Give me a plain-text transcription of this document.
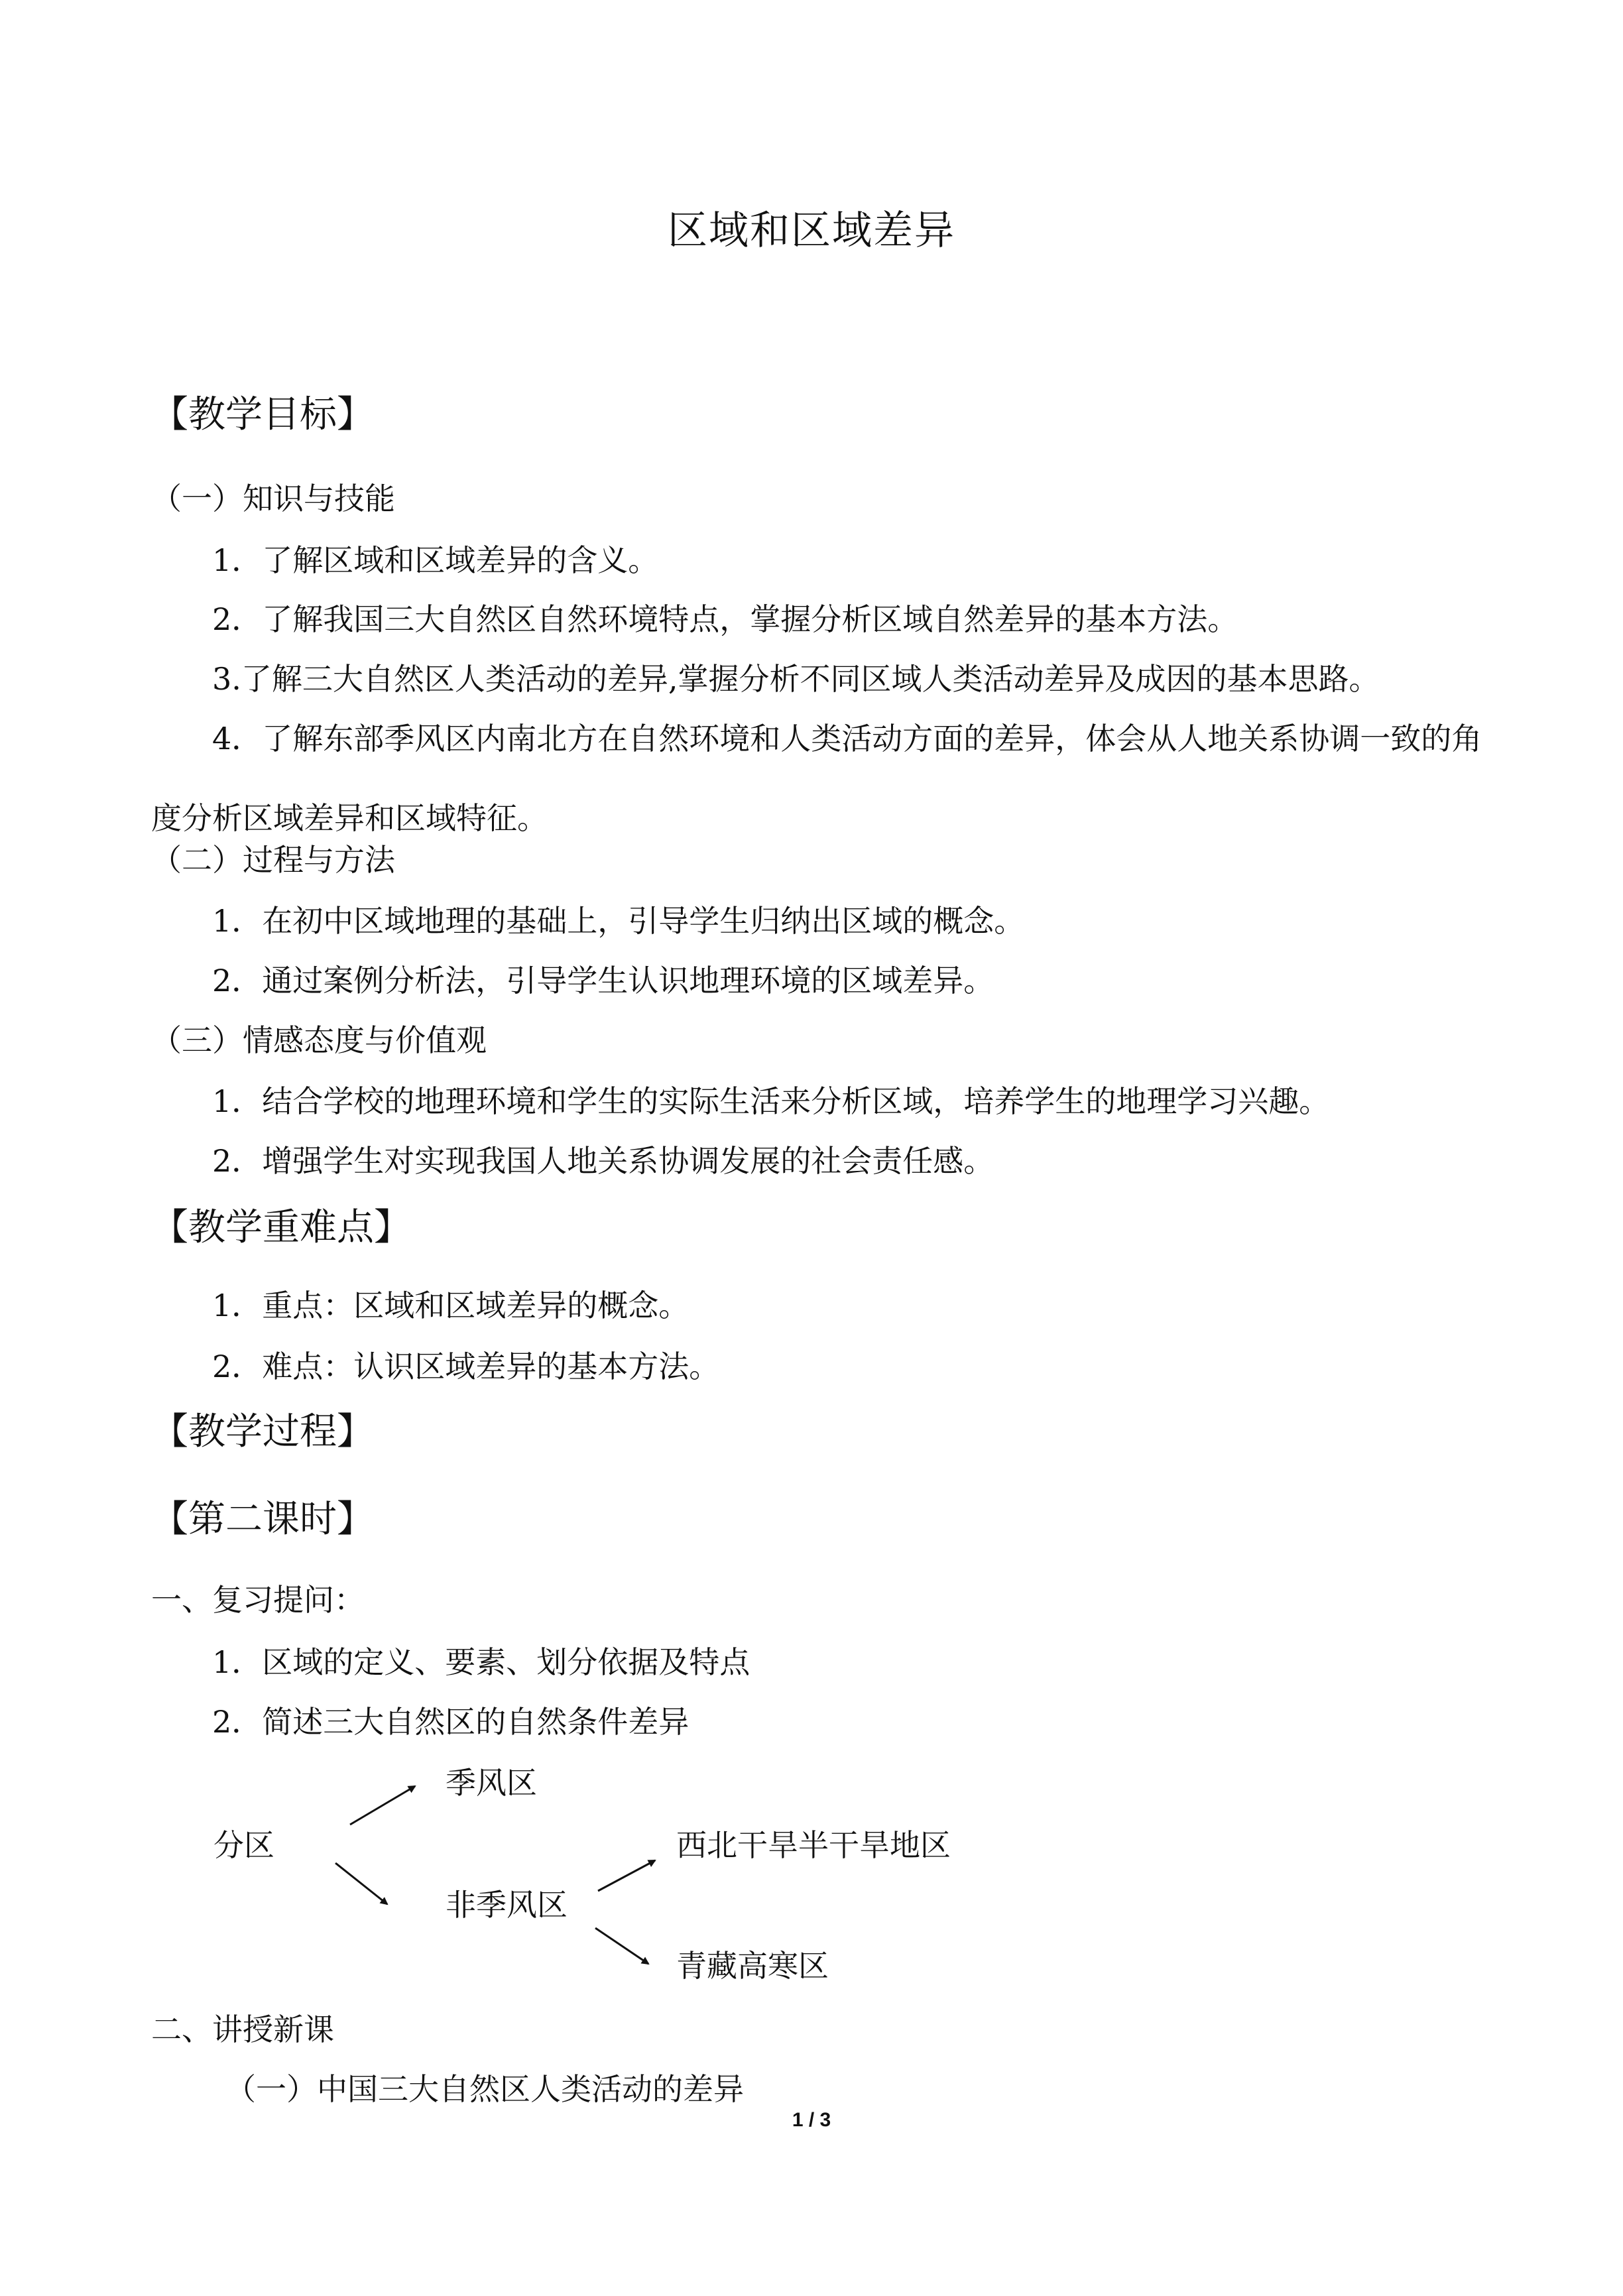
区域和区域差异
【教学目标】
（一）知识与技能
1．了解区域和区域差异的含义。
2．了解我国三大自然区自然环境特点，掌握分析区域自然差异的基本方法。
3.了解三大自然区人类活动的差异,掌握分析不同区域人类活动差异及成因的基本思路。
4．了解东部季风区内南北方在自然环境和人类活动方面的差异，体会从人地关系协调一致的角度分析区域差异和区域特征。
（二）过程与方法
1．在初中区域地理的基础上，引导学生归纳出区域的概念。
2．通过案例分析法，引导学生认识地理环境的区域差异。
（三）情感态度与价值观
1．结合学校的地理环境和学生的实际生活来分析区域，培养学生的地理学习兴趣。
2．增强学生对实现我国人地关系协调发展的社会责任感。
【教学重难点】
1．重点：区域和区域差异的概念。
2．难点：认识区域差异的基本方法。
【教学过程】
【第二课时】
一、复习提问：
1．区域的定义、要素、划分依据及特点
2．简述三大自然区的自然条件差异
分区
季风区
非季风区
西北干旱半干旱地区
青藏高寒区
二、讲授新课
（一）中国三大自然区人类活动的差异
1 / 3
